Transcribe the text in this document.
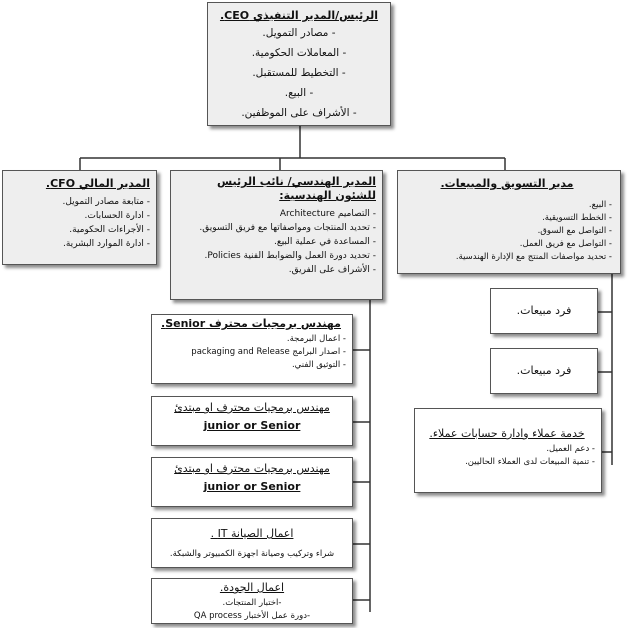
الرئيس/المدير التنفيذي CEO.
- مصادر التمويل.
- المعاملات الحكومية.
- التخطيط للمستقبل.
- البيع.
- الأشراف على الموظفين.
المدير المالي CFO.
- متابعة مصادر التمويل.
- ادارة الحسابات.
- الأجراءات الحكومية.
- ادارة الموارد البشرية.
المدير الهندسي/ نائب الرئيس للشئون الهندسية:
- التصاميم Architecture
- تحديد المنتجات ومواصفاتها مع فريق التسويق.
- المساعدة في عملية البيع.
- تحديد دورة العمل والضوابط الفنية Policies.
- الأشراف على الفريق.
مدير التسويق والمبيعات.
- البيع.
- الخطط التسويقية.
- التواصل مع السوق.
- التواصل مع فريق العمل.
- تحديد مواصفات المنتج مع الإدارة الهندسية.
مهندس برمجيات محترف Senior.
- اعمال البرمجة.
- اصدار البرامج packaging and Release
- التوثيق الفني.
مهندس برمجيات محترف او مبتدئ
junior or Senior
مهندس برمجيات محترف او مبتدئ
junior or Senior
اعمال الصيانة IT .
شراء وتركيب وصيانة اجهزة الكمبيوتر والشبكة.
اعمال الجودة.
-اختبار المنتجات.
-دورة عمل الأختبار QA process
فرد مبيعات.
فرد مبيعات.
خدمة عملاء وادارة حسابات عملاء.
- دعم العميل.
- تنمية المبيعات لدى العملاء الحاليين.
